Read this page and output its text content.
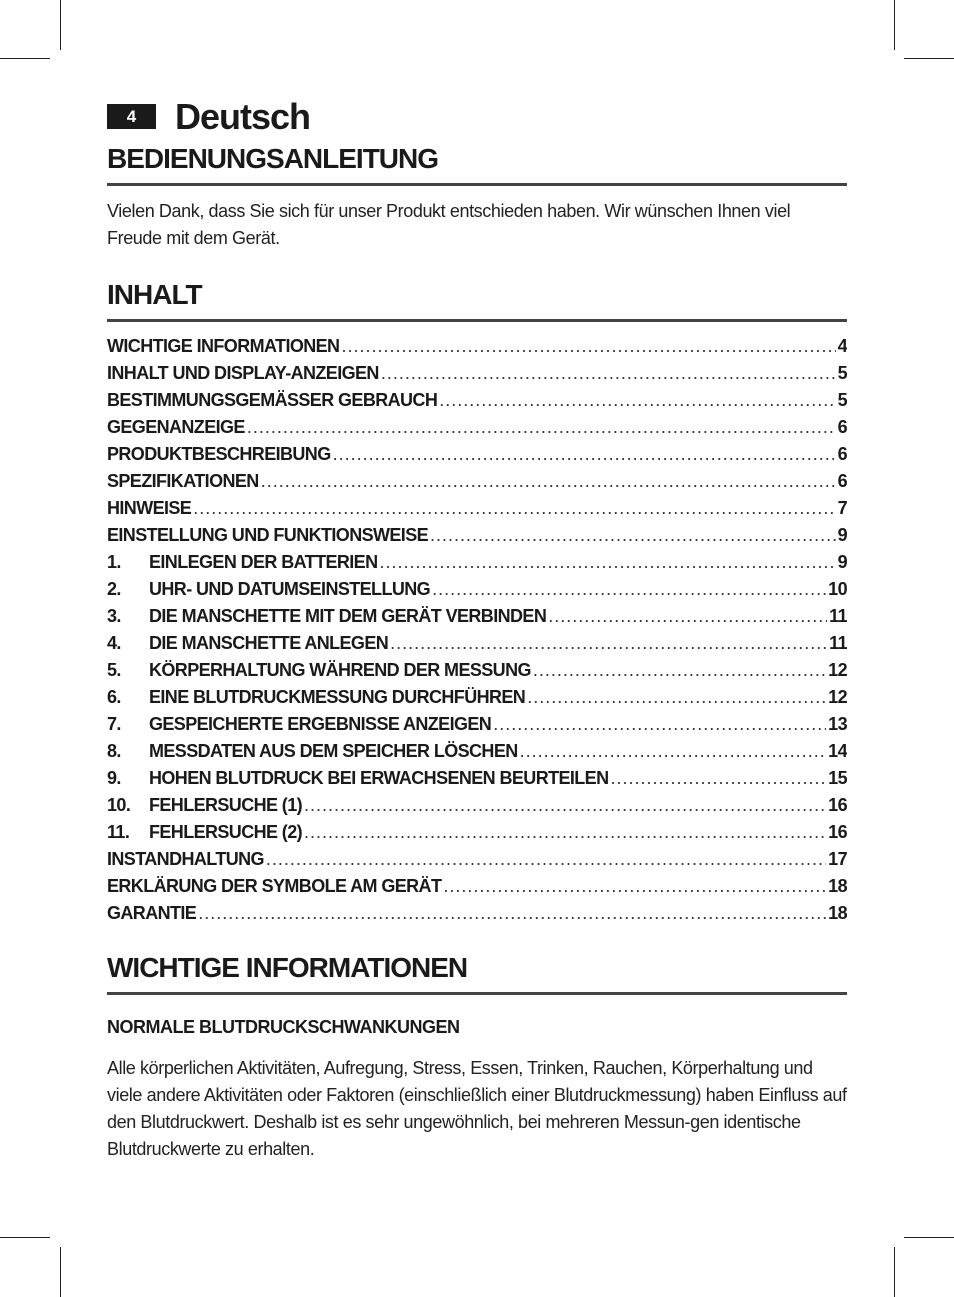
4	Deutsch
BEDIENUNGSANLEITUNG

Vielen Dank, dass Sie sich für unser Produkt entschieden haben. Wir wünschen Ihnen viel Freude mit dem Gerät.

INHALT
WICHTIGE INFORMATIONEN .....	4
INHALT UND DISPLAY-ANZEIGEN .....	5
BESTIMMUNGSGEMÄSSER GEBRAUCH .....	5
GEGENANZEIGE .....	6
PRODUKTBESCHREIBUNG .....	6
SPEZIFIKATIONEN .....	6
HINWEISE .....	7
EINSTELLUNG UND FUNKTIONSWEISE .....	9
1.	EINLEGEN DER BATTERIEN .....	9
2.	UHR- UND DATUMSEINSTELLUNG .....	10
3.	DIE MANSCHETTE MIT DEM GERÄT VERBINDEN .....	11
4.	DIE MANSCHETTE ANLEGEN .....	11
5.	KÖRPERHALTUNG WÄHREND DER MESSUNG .....	12
6.	EINE BLUTDRUCKMESSUNG DURCHFÜHREN .....	12
7.	GESPEICHERTE ERGEBNISSE ANZEIGEN .....	13
8.	MESSDATEN AUS DEM SPEICHER LÖSCHEN .....	14
9.	HOHEN BLUTDRUCK BEI ERWACHSENEN BEURTEILEN .....	15
10.	FEHLERSUCHE (1) .....	16
11.	FEHLERSUCHE (2) .....	16
INSTANDHALTUNG .....	17
ERKLÄRUNG DER SYMBOLE AM GERÄT .....	18
GARANTIE .....	18
WICHTIGE INFORMATIONEN
NORMALE BLUTDRUCKSCHWANKUNGEN

Alle körperlichen Aktivitäten, Aufregung, Stress, Essen, Trinken, Rauchen, Körperhaltung und viele andere Aktivitäten oder Faktoren (einschließlich einer Blutdruckmessung) haben Einfluss auf den Blutdruckwert. Deshalb ist es sehr ungewöhnlich, bei mehreren Messun-gen identische Blutdruckwerte zu erhalten.
